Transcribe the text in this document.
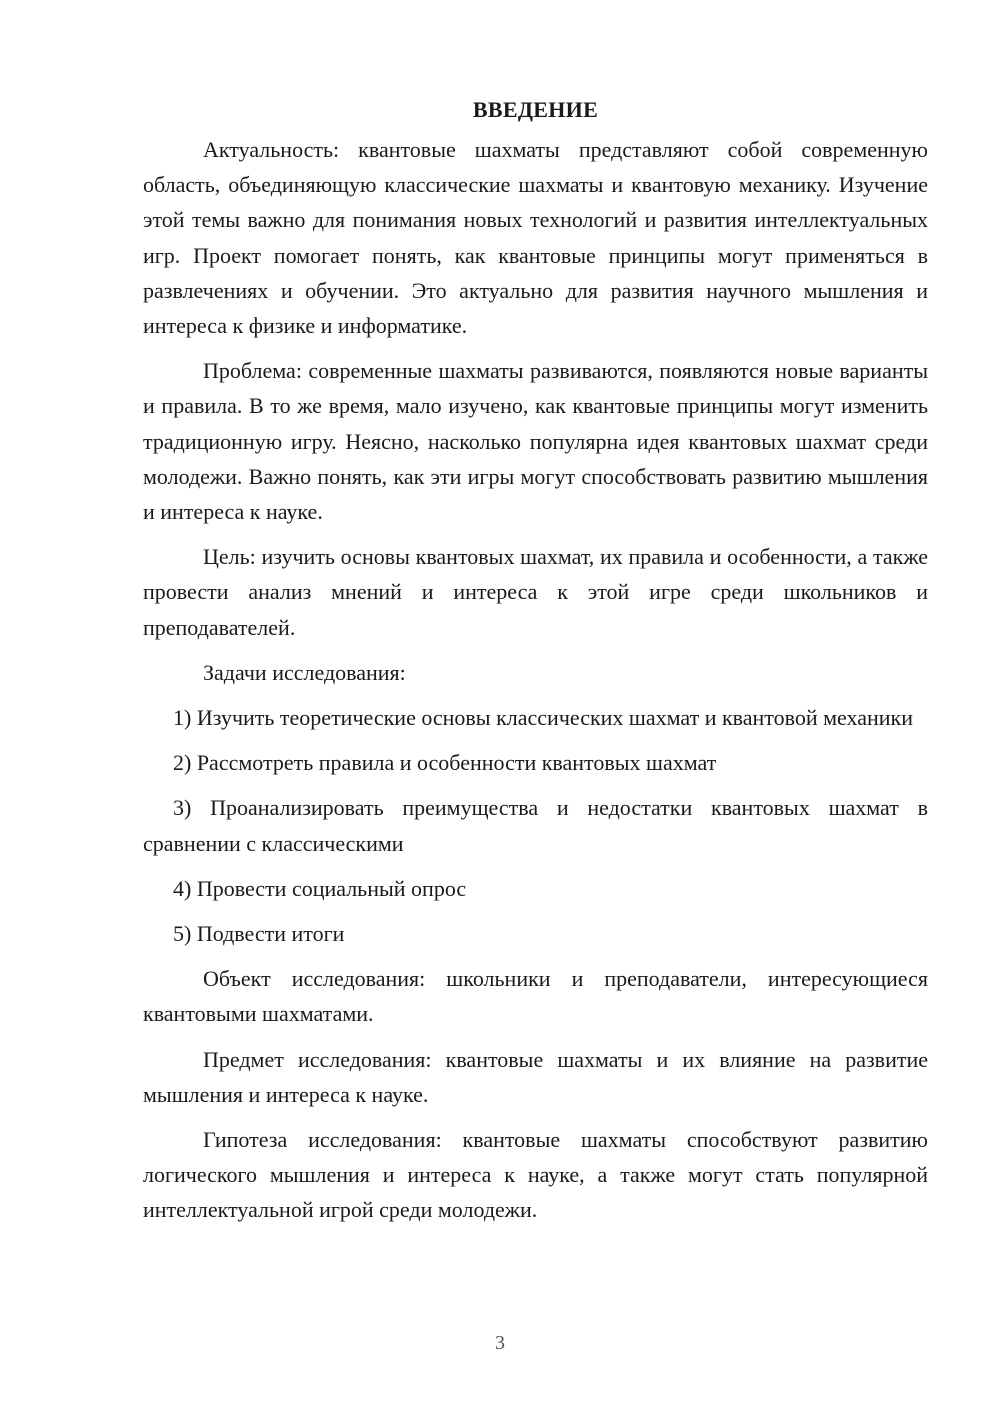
ВВЕДЕНИЕ

Актуальность: квантовые шахматы представляют собой современную область, объединяющую классические шахматы и квантовую механику. Изучение этой темы важно для понимания новых технологий и развития интеллектуальных игр. Проект помогает понять, как квантовые принципы могут применяться в развлечениях и обучении. Это актуально для развития научного мышления и интереса к физике и информатике.

Проблема: современные шахматы развиваются, появляются новые варианты и правила. В то же время, мало изучено, как квантовые принципы могут изменить традиционную игру. Неясно, насколько популярна идея квантовых шахмат среди молодежи. Важно понять, как эти игры могут способствовать развитию мышления и интереса к науке.

Цель: изучить основы квантовых шахмат, их правила и особенности, а также провести анализ мнений и интереса к этой игре среди школьников и преподавателей.

Задачи исследования:

1) Изучить теоретические основы классических шахмат и квантовой механики

2) Рассмотреть правила и особенности квантовых шахмат

3) Проанализировать преимущества и недостатки квантовых шахмат в сравнении с классическими

4) Провести социальный опрос

5) Подвести итоги

Объект исследования: школьники и преподаватели, интересующиеся квантовыми шахматами.

Предмет исследования: квантовые шахматы и их влияние на развитие мышления и интереса к науке.

Гипотеза исследования: квантовые шахматы способствуют развитию логического мышления и интереса к науке, а также могут стать популярной интеллектуальной игрой среди молодежи.

3
